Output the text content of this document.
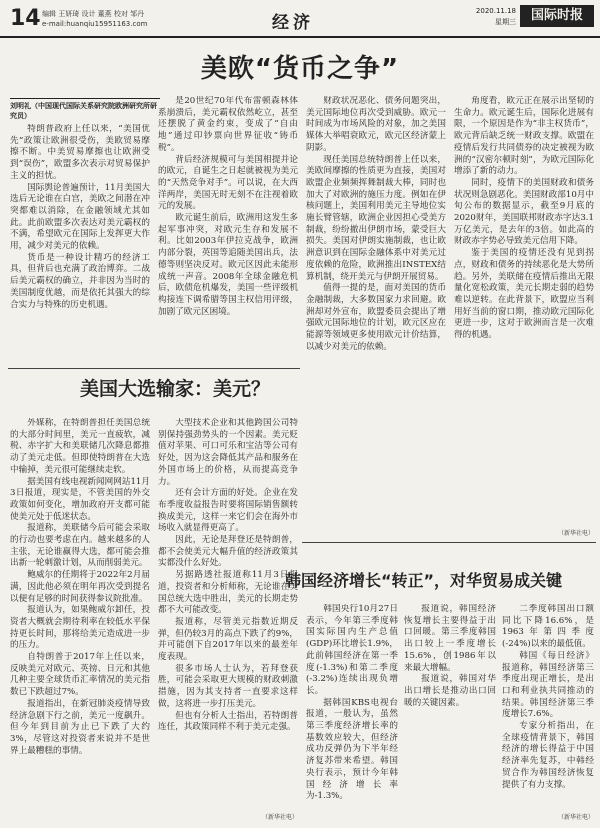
14 编辑 王妍琦 设计 董燕 校对 邹丹
e-mail:huanqiu15951163.com	经济
2020.11.18
星期三	国际时报
美欧“货币之争”
刘明礼（中国现代国际关系研究院欧洲研究所研究员）

特朗普政府上任以来，“美国优先”政策让欧洲很受伤，美欧贸易摩擦不断。中美贸易摩擦也让欧洲受到“误伤”，欧盟多次表示对贸易保护主义的担忧。

国际舆论普遍预计，11月美国大选后无论谁在白宫，美欧之间潜在冲突都难以消除，在金融领域尤其如此。此前欧盟多次表达对美元霸权的不满，希望欧元在国际上发挥更大作用，减少对美元的依赖。

货币是一种设计精巧的经济工具，但背后也充满了政治博弈。二战后美元霸权的确立，并非因为当时的美国制度优越，而是依托其强大的综合实力与特殊的历史机遇。

是20世纪70年代布雷顿森林体系崩溃后，美元霸权依然屹立，甚至还摆脱了黄金约束，变成了“自由地”通过印钞票向世界征收“铸币税”。

背后经济规模可与美国相提并论的欧元，自诞生之日起就被视为美元的“天然竞争对手”。可以说，在大西洋两岸，美国无时无刻不在注视着欧元的发展。

欧元诞生前后，欧洲用这发生多起军事冲突，对欧元生存和发展不利。比如2003年伊拉克战争，欧洲内部分裂，英国等追随美国出兵，法德等则坚决反对。欧元区因此未能形成统一声音。2008年全球金融危机后，欧债危机爆发，美国一些评级机构接连下调希腊等国主权信用评级，加剧了欧元区困境。

财政状况恶化、债务问题突出，美元国际地位再次受到威胁。欧元一时间成为市场风险的对象，加之美国媒体大举唱衰欧元，欧元区经济蒙上阴影。

现任美国总统特朗普上任以来，美欧间摩擦的性质更为直接，美国对欧盟企业频频挥舞制裁大棒，同时也加大了对欧洲的施压力度。例如在伊核问题上，美国利用美元主导地位实施长臂管辖，欧洲企业因担心受美方制裁，纷纷撤出伊朗市场，蒙受巨大损失。美国对伊朗实施制裁，也让欧洲意识到在国际金融体系中对美元过度依赖的危险，欧洲推出INSTEX结算机制，绕开美元与伊朗开展贸易。

值得一提的是，面对美国的货币金融制裁，大多数国家力求回避。欧洲却对外宣布，欧盟委员会提出了增强欧元国际地位的计划，欧元区应在能源等领域更多使用欧元计价结算，以减少对美元的依赖。

角度看，欧元正在展示出坚韧的生命力。欧元诞生后，国际化进展有限，一个原因是作为“非主权货币”，欧元背后缺乏统一财政支撑。欧盟在疫情后发行共同债券的决定被视为欧洲的“汉密尔顿时刻”，为欧元国际化增添了新的动力。

同时，疫情下的美国财政和债务状况则急剧恶化。美国财政部10月中旬公布的数据显示，截至9月底的2020财年，美国联邦财政赤字达3.1万亿美元，是去年的3倍。如此高的财政赤字势必导致美元信用下降。

鉴于美国的疫情还没有见到拐点，财政和债务的持续恶化是大势所趋。另外，美联储在疫情后推出无限量化宽松政策，美元长期走弱的趋势难以逆转。在此背景下，欧盟应当利用好当前的窗口期，推动欧元国际化更进一步，这对于欧洲而言是一次难得的机遇。

（新华社电）
美国大选输家：美元？

外媒称，在特朗普担任美国总统的大部分时间里，美元一直疲软，减税、赤字扩大和美联储几次降息都推动了美元走低。但即使特朗普在大选中输掉，美元很可能继续走软。

据美国有线电视新闻网网站11月3日报道，现实是，不管美国的外交政策如何变化，增加政府开支都可能使美元处于低迷状态。

报道称，美联储今后可能会采取的行动也要考虑在内。越来越多的人主张，无论谁赢得大选，都可能会推出新一轮刺激计划，从而削弱美元。

鲍威尔的任期将于2022年2月届满，因此他必须在明年再次受到提名以便有足够的时间获得参议院批准。

报道认为，如果鲍威尔卸任，投资者大概就会期待利率在较低水平保持更长时间，那将给美元造成进一步的压力。

自特朗普于2017年上任以来，反映美元对欧元、英镑、日元和其他几种主要全球货币汇率情况的美元指数已下跌超过7%。

报道指出，在新冠肺炎疫情导致经济急剧下行之前，美元一度飙升。但今年到目前为止已下跌了大约3%，尽管这对投资者来说并不是世界上最糟糕的事情。

大型技术企业和其他跨国公司特别保持强劲势头的一个因素。美元贬值对苹果、可口可乐和宝洁等公司有好处，因为这会降低其产品和服务在外国市场上的价格，从而提高竞争力。

还有会计方面的好处。企业在发布季度收益报告时要将国际销售额转换成美元，这样一来它们会在海外市场收入就显得更高了。

因此，无论是拜登还是特朗普，都不会使美元大幅升值的经济政策其实都没什么好处。

另据路透社报道称11月3日报道，投资者和分析师称，无论谁在美国总统大选中胜出，美元的长期走势都不大可能改变。

报道称，尽管美元指数近期反弹，但仍较3月的高点下跌了约9%，并可能创下自2017年以来的最差年度表现。

很多市场人士认为，若拜登获胜，可能会采取更大规模的财政刺激措施，因为其支持者一直要求这样做，这将进一步打压美元。

但也有分析人士指出，若特朗普连任，其政策同样不利于美元走强。

（新华社电）
韩国经济增长“转正”，对华贸易成关键

韩国央行10月27日表示，今年第三季度韩国实际国内生产总值(GDP)环比增长1.9%，此前韩国经济在第一季度(-1.3%)和第二季度(-3.2%)连续出现负增长。

据韩国KBS电视台报道，一般认为，虽然第三季度经济增长率的基数效应较大，但经济成功反弹仍为下半年经济复苏带来希望。韩国央行表示，预计今年韩国经济增长率为-1.3%。

报道说，韩国经济恢复增长主要得益于出口回暖。第三季度韩国出口较上一季度增长15.6%，创1986年以来最大增幅。

报道说，韩国对华出口增长是推动出口回暖的关键因素。

二季度韩国出口额同比下降16.6%，是1963年第四季度(-24%)以来的最低值。

韩国《每日经济》报道称，韩国经济第三季度出现正增长，是出口和利业执共同推动的结果。韩国经济第三季度增长7.6%。

专家分析指出，在全球疫情背景下，韩国经济的增长得益于中国经济率先复苏，中韩经贸合作为韩国经济恢复提供了有力支撑。

（新华社电）
